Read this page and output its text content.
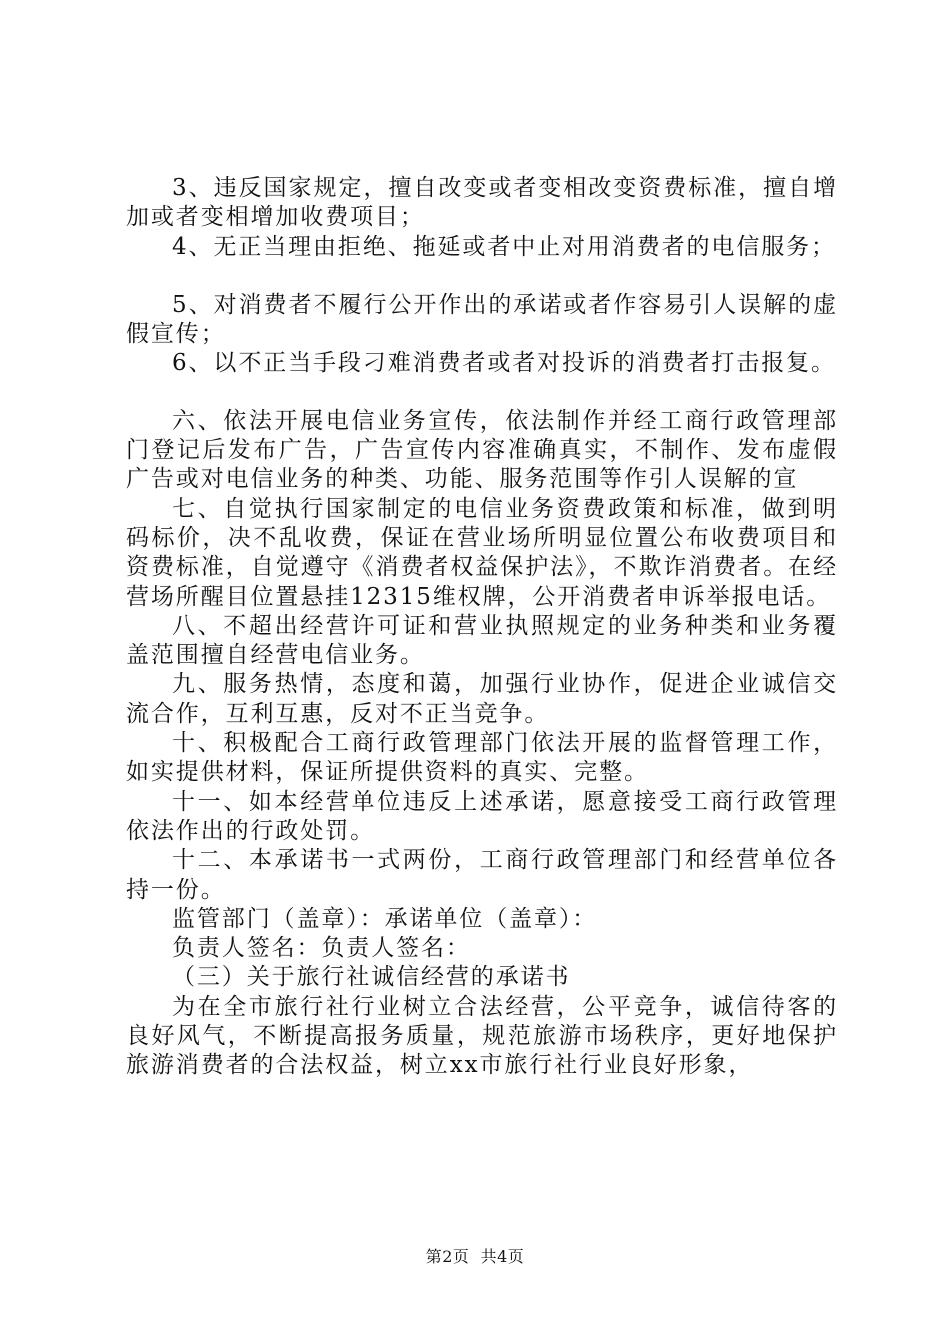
3、违反国家规定，擅自改变或者变相改变资费标准，擅自增加或者变相增加收费项目；

4、无正当理由拒绝、拖延或者中止对用消费者的电信服务；

5、对消费者不履行公开作出的承诺或者作容易引人误解的虚假宣传；

6、以不正当手段刁难消费者或者对投诉的消费者打击报复。

六、依法开展电信业务宣传，依法制作并经工商行政管理部门登记后发布广告，广告宣传内容准确真实，不制作、发布虚假广告或对电信业务的种类、功能、服务范围等作引人误解的宣

七、自觉执行国家制定的电信业务资费政策和标准，做到明码标价，决不乱收费，保证在营业场所明显位置公布收费项目和资费标准，自觉遵守《消费者权益保护法》，不欺诈消费者。在经营场所醒目位置悬挂12315维权牌，公开消费者申诉举报电话。

八、不超出经营许可证和营业执照规定的业务种类和业务覆盖范围擅自经营电信业务。

九、服务热情，态度和蔼，加强行业协作，促进企业诚信交流合作，互利互惠，反对不正当竞争。

十、积极配合工商行政管理部门依法开展的监督管理工作，如实提供材料，保证所提供资料的真实、完整。

十一、如本经营单位违反上述承诺，愿意接受工商行政管理依法作出的行政处罚。

十二、本承诺书一式两份，工商行政管理部门和经营单位各持一份。

监管部门（盖章）：承诺单位（盖章）：

负责人签名：负责人签名：

（三）关于旅行社诚信经营的承诺书

为在全市旅行社行业树立合法经营，公平竞争，诚信待客的良好风气，不断提高报务质量，规范旅游市场秩序，更好地保护旅游消费者的合法权益，树立xx市旅行社行业良好形象，

第2页 共4页
